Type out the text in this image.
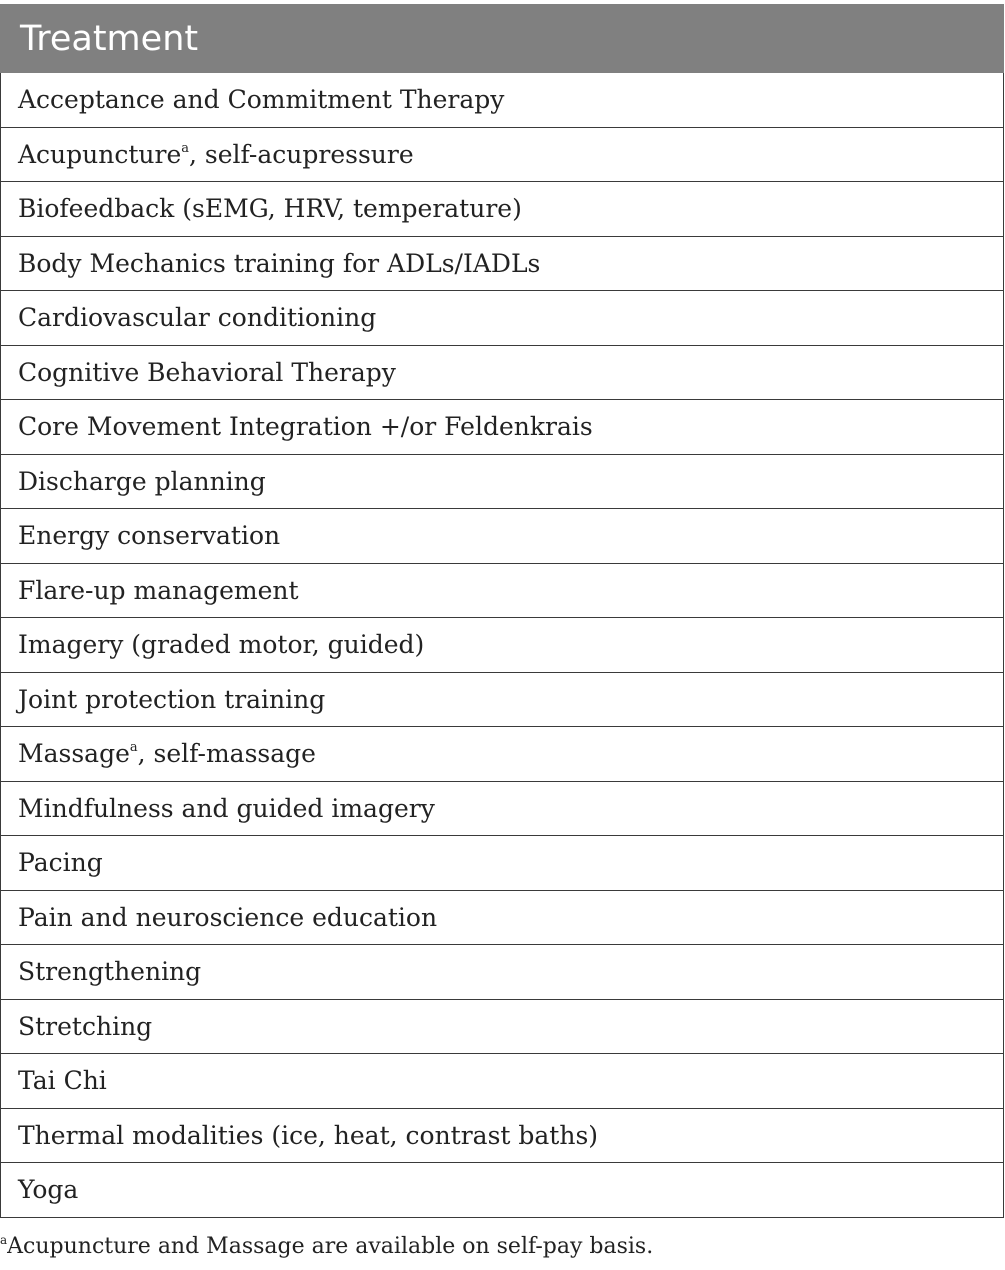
Treatment
Acceptance and Commitment Therapy
Acupuncture$^a$, self-acupressure
Biofeedback (sEMG, HRV, temperature)
Body Mechanics training for ADLs/IADLs
Cardiovascular conditioning
Cognitive Behavioral Therapy
Core Movement Integration +/or Feldenkrais
Discharge planning
Energy conservation
Flare-up management
Imagery (graded motor, guided)
Joint protection training
Massage$^a$, self-massage
Mindfulness and guided imagery
Pacing
Pain and neuroscience education
Strengthening
Stretching
Tai Chi
Thermal modalities (ice, heat, contrast baths)
Yoga
$^a$Acupuncture and Massage are available on self-pay basis.
